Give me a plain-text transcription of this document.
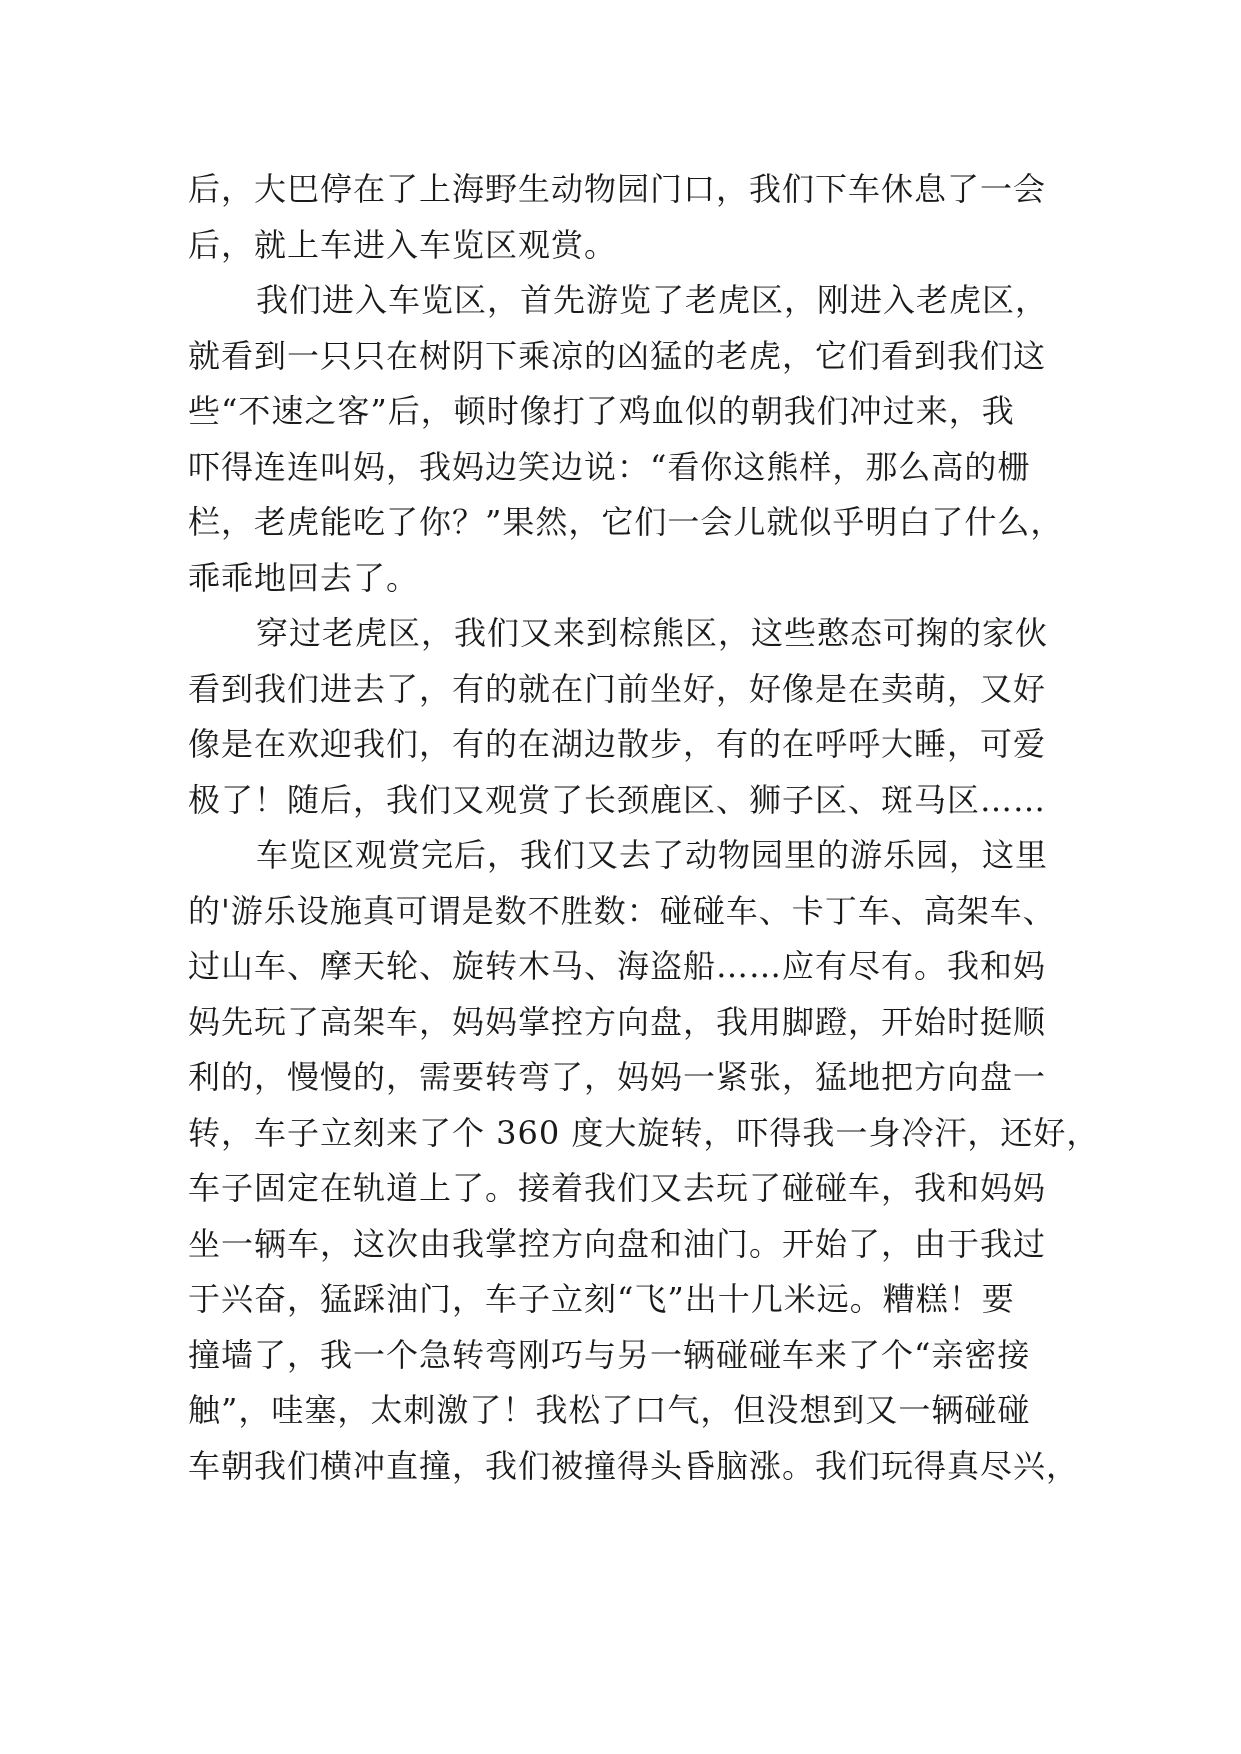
后，大巴停在了上海野生动物园门口，我们下车休息了一会
后，就上车进入车览区观赏。
我们进入车览区，首先游览了老虎区，刚进入老虎区，
就看到一只只在树阴下乘凉的凶猛的老虎，它们看到我们这
些“不速之客”后，顿时像打了鸡血似的朝我们冲过来，我
吓得连连叫妈，我妈边笑边说：“看你这熊样，那么高的栅
栏，老虎能吃了你？”果然，它们一会儿就似乎明白了什么，
乖乖地回去了。
穿过老虎区，我们又来到棕熊区，这些憨态可掬的家伙
看到我们进去了，有的就在门前坐好，好像是在卖萌，又好
像是在欢迎我们，有的在湖边散步，有的在呼呼大睡，可爱
极了！随后，我们又观赏了长颈鹿区、狮子区、斑马区……
车览区观赏完后，我们又去了动物园里的游乐园，这里
的'游乐设施真可谓是数不胜数：碰碰车、卡丁车、高架车、
过山车、摩天轮、旋转木马、海盗船……应有尽有。我和妈
妈先玩了高架车，妈妈掌控方向盘，我用脚蹬，开始时挺顺
利的，慢慢的，需要转弯了，妈妈一紧张，猛地把方向盘一
转，车子立刻来了个 360 度大旋转，吓得我一身冷汗，还好，
车子固定在轨道上了。接着我们又去玩了碰碰车，我和妈妈
坐一辆车，这次由我掌控方向盘和油门。开始了，由于我过
于兴奋，猛踩油门，车子立刻“飞”出十几米远。糟糕！要
撞墙了，我一个急转弯刚巧与另一辆碰碰车来了个“亲密接
触”，哇塞，太刺激了！我松了口气，但没想到又一辆碰碰
车朝我们横冲直撞，我们被撞得头昏脑涨。我们玩得真尽兴，
